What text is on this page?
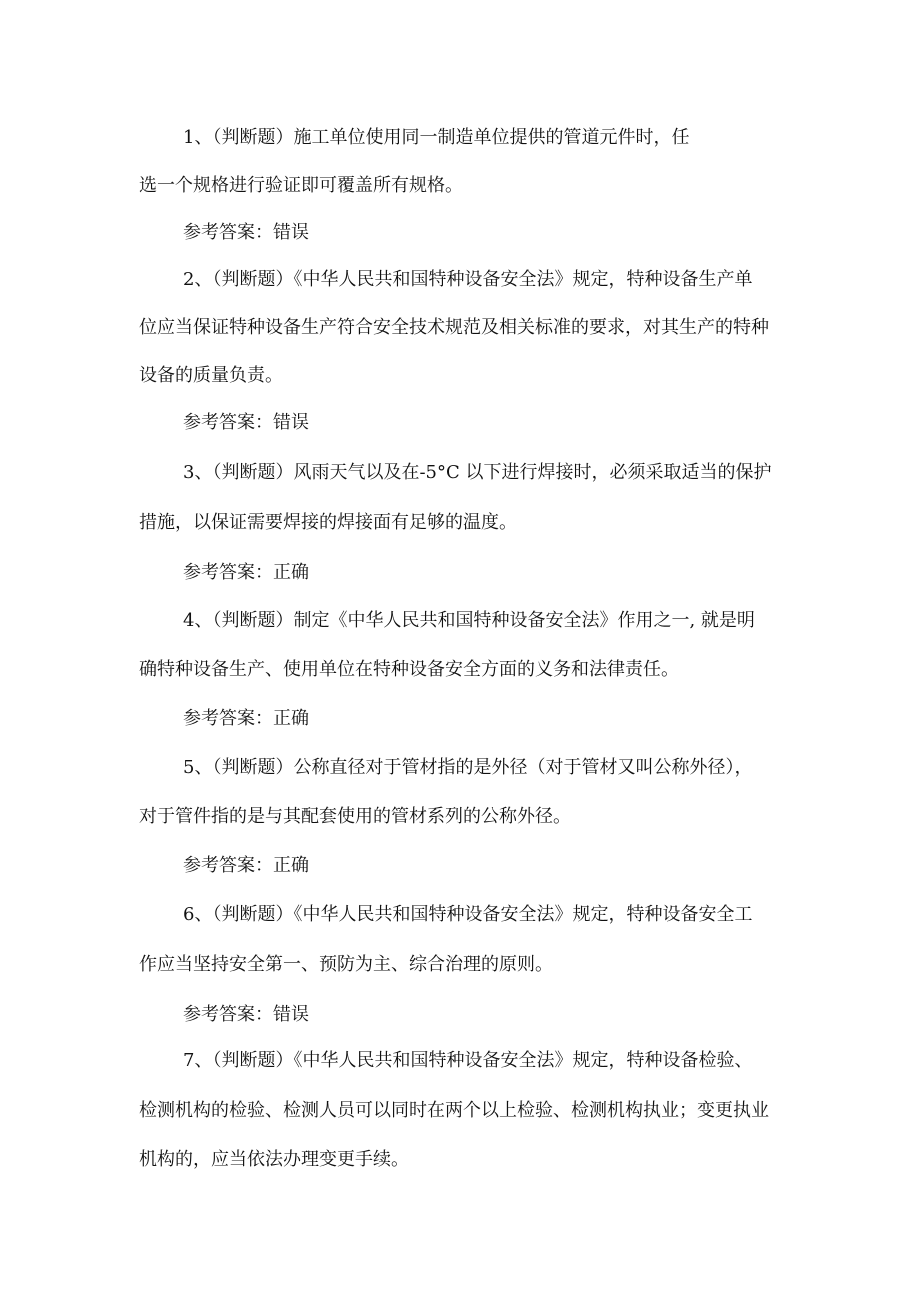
1、（判断题）施工单位使用同一制造单位提供的管道元件时，任
选一个规格进行验证即可覆盖所有规格。
参考答案：错误
2、（判断题）《中华人民共和国特种设备安全法》规定，特种设备生产单
位应当保证特种设备生产符合安全技术规范及相关标准的要求，对其生产的特种
设备的质量负责。
参考答案：错误
3、（判断题）风雨天气以及在-5°C 以下进行焊接时，必须采取适当的保护
措施，以保证需要焊接的焊接面有足够的温度。
参考答案：正确
4、（判断题）制定《中华人民共和国特种设备安全法》作用之一, 就是明
确特种设备生产、使用单位在特种设备安全方面的义务和法律责任。
参考答案：正确
5、（判断题）公称直径对于管材指的是外径（对于管材又叫公称外径），
对于管件指的是与其配套使用的管材系列的公称外径。
参考答案：正确
6、（判断题）《中华人民共和国特种设备安全法》规定，特种设备安全工
作应当坚持安全第一、预防为主、综合治理的原则。
参考答案：错误
7、（判断题）《中华人民共和国特种设备安全法》规定，特种设备检验、
检测机构的检验、检测人员可以同时在两个以上检验、检测机构执业；变更执业
机构的，应当依法办理变更手续。
